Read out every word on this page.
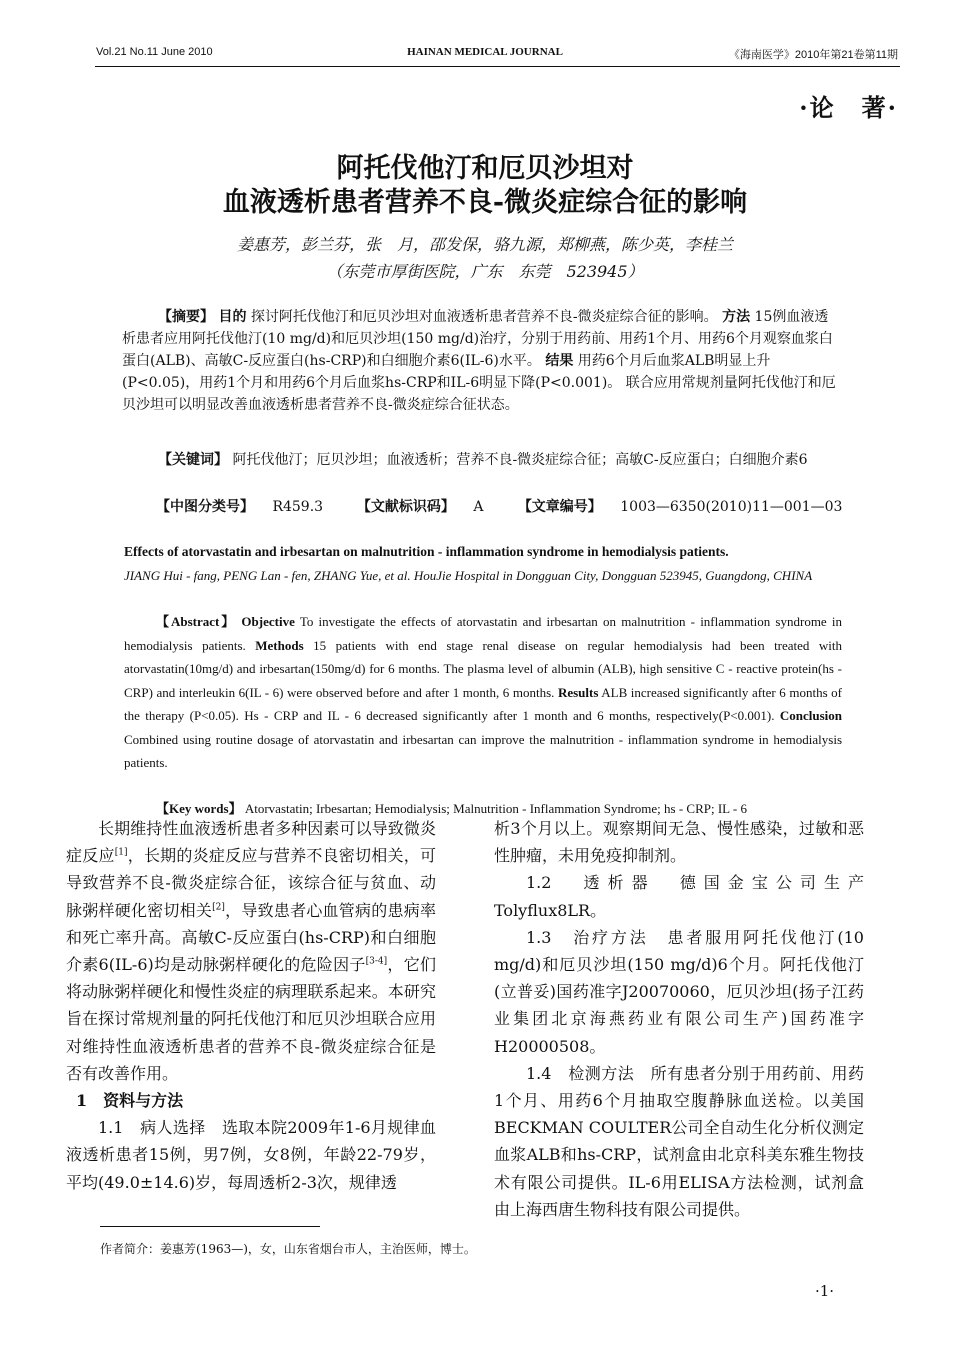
Vol.21 No.11 June 2010	HAINAN MEDICAL JOURNAL	《海南医学》2010年第21卷第11期
·论　著·
阿托伐他汀和厄贝沙坦对
血液透析患者营养不良-微炎症综合征的影响
姜惠芳，彭兰芬，张　月，邵发保，骆九源，郑柳燕，陈少英，李桂兰
（东莞市厚街医院，广东　东莞　523945）
【摘要】 目的 探讨阿托伐他汀和厄贝沙坦对血液透析患者营养不良-微炎症综合征的影响。 方法 15例血液透析患者应用阿托伐他汀(10 mg/d)和厄贝沙坦(150 mg/d)治疗，分别于用药前、用药1个月、用药6个月观察血浆白蛋白(ALB)、高敏C-反应蛋白(hs-CRP)和白细胞介素6(IL-6)水平。 结果 用药6个月后血浆ALB明显上升(P<0.05)，用药1个月和用药6个月后血浆hs-CRP和IL-6明显下降(P<0.001)。 联合应用常规剂量阿托伐他汀和厄贝沙坦可以明显改善血液透析患者营养不良-微炎症综合征状态。
【关键词】 阿托伐他汀；厄贝沙坦；血液透析；营养不良-微炎症综合征；高敏C-反应蛋白；白细胞介素6
【中图分类号】 R459.3 【文献标识码】 A 【文章编号】 1003—6350(2010)11—001—03
Effects of atorvastatin and irbesartan on malnutrition - inflammation syndrome in hemodialysis patients.
JIANG Hui - fang, PENG Lan - fen, ZHANG Yue, et al. HouJie Hospital in Dongguan City, Dongguan 523945, Guangdong, CHINA
【Abstract】 Objective To investigate the effects of atorvastatin and irbesartan on malnutrition - inflammation syndrome in hemodialysis patients. Methods 15 patients with end stage renal disease on regular hemodialysis had been treated with atorvastatin(10mg/d) and irbesartan(150mg/d) for 6 months. The plasma level of albumin (ALB), high sensitive C - reactive protein(hs - CRP) and interleukin 6(IL - 6) were observed before and after 1 month, 6 months. Results ALB increased significantly after 6 months of the therapy (P<0.05). Hs - CRP and IL - 6 decreased significantly after 1 month and 6 months, respectively(P<0.001). Conclusion Combined using routine dosage of atorvastatin and irbesartan can improve the malnutrition - inflammation syndrome in hemodialysis patients.
【Key words】 Atorvastatin; Irbesartan; Hemodialysis; Malnutrition - Inflammation Syndrome; hs - CRP; IL - 6

长期维持性血液透析患者多种因素可以导致微炎症反应[1]，长期的炎症反应与营养不良密切相关，可导致营养不良-微炎症综合征，该综合征与贫血、动脉粥样硬化密切相关[2]，导致患者心血管病的患病率和死亡率升高。高敏C-反应蛋白(hs-CRP)和白细胞介素6(IL-6)均是动脉粥样硬化的危险因子[3-4]，它们将动脉粥样硬化和慢性炎症的病理联系起来。本研究旨在探讨常规剂量的阿托伐他汀和厄贝沙坦联合应用对维持性血液透析患者的营养不良-微炎症综合征是否有改善作用。

1　资料与方法

1.1　病人选择　选取本院2009年1-6月规律血液透析患者15例，男7例，女8例，年龄22-79岁，平均(49.0±14.6)岁，每周透析2-3次，规律透

析3个月以上。观察期间无急、慢性感染，过敏和恶性肿瘤，未用免疫抑制剂。

1.2　透析器　德国金宝公司生产Tolyflux8LR。

1.3　治疗方法　患者服用阿托伐他汀(10 mg/d)和厄贝沙坦(150 mg/d)6个月。阿托伐他汀(立普妥)国药准字J20070060，厄贝沙坦(扬子江药业集团北京海燕药业有限公司生产)国药准字H20000508。

1.4　检测方法　所有患者分别于用药前、用药1个月、用药6个月抽取空腹静脉血送检。以美国BECKMAN COULTER公司全自动生化分析仪测定血浆ALB和hs-CRP，试剂盒由北京科美东雅生物技术有限公司提供。IL-6用ELISA方法检测，试剂盒由上海西唐生物科技有限公司提供。

作者简介：姜惠芳(1963—)，女，山东省烟台市人，主治医师，博士。
·1·
